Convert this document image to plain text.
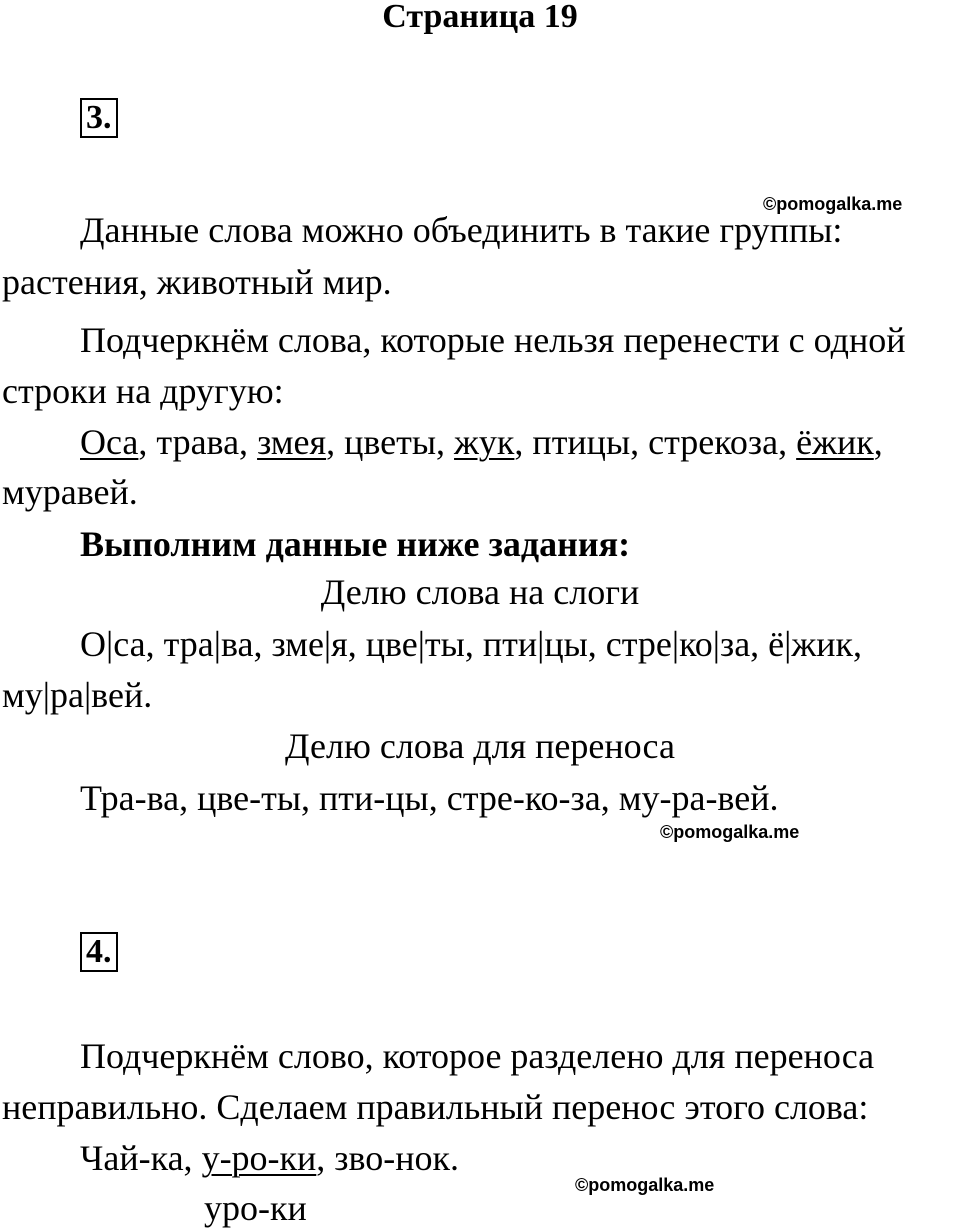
Страница 19
3.
©pomogalka.me
Данные слова можно объединить в такие группы:
растения, животный мир.
Подчеркнём слова, которые нельзя перенести с одной
строки на другую:
Оса, трава, змея, цветы, жук, птицы, стрекоза, ёжик,
муравей.
Выполним данные ниже задания:
Делю слова на слоги
О|са, тра|ва, зме|я, цве|ты, пти|цы, стре|ко|за, ё|жик,
му|ра|вей.
Делю слова для переноса
Тра-ва, цве-ты, пти-цы, стре-ко-за, му-ра-вей.
©pomogalka.me
4.
Подчеркнём слово, которое разделено для переноса
неправильно. Сделаем правильный перенос этого слова:
Чай-ка, у-ро-ки, зво-нок.
©pomogalka.me
уро-ки
